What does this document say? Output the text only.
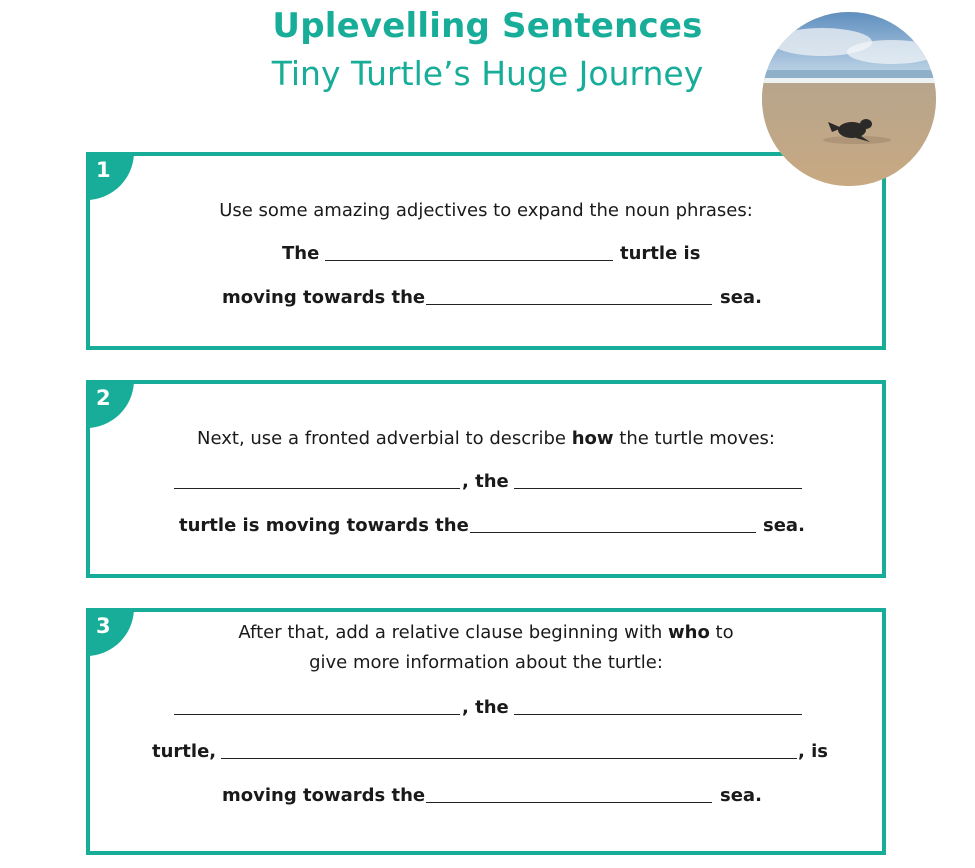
Uplevelling Sentences
Tiny Turtle’s Huge Journey
1
Use some amazing adjectives to expand the noun phrases:
The	turtle is
moving towards the	sea.
2
Next, use a fronted adverbial to describe how the turtle moves:
, the
turtle is moving towards the	sea.
3	After that, add a relative clause beginning with who to
give more information about the turtle:
, the
turtle,	, is
moving towards the	sea.
